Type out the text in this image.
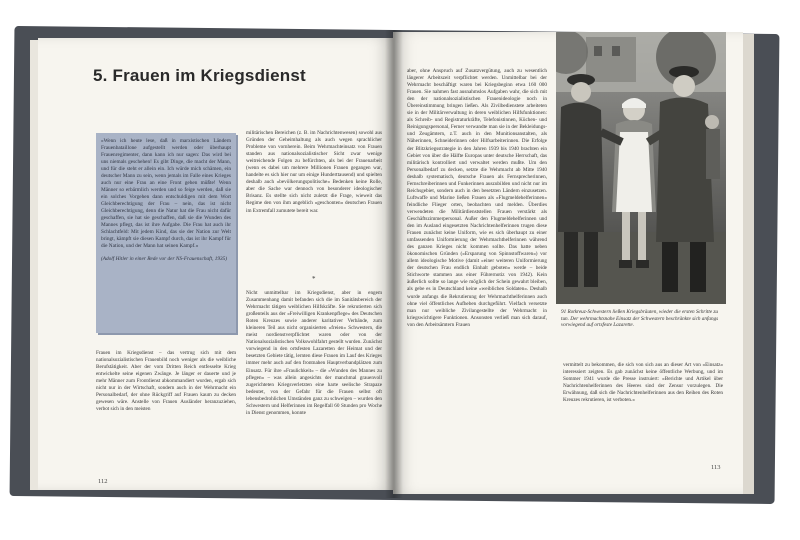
5. Frauen im Kriegsdienst

»Wenn ich heute lese, daß in marxistischen Ländern Frauenbataillone aufgestellt werden oder überhaupt Frauenregimenter, dann kann ich nur sagen: Das wird bei uns niemals geschehen! Es gibt Dinge, die macht der Mann, und für die steht er allein ein. Ich würde mich schämen, ein deutscher Mann zu sein, wenn jemals im Falle eines Krieges auch nur eine Frau an eine Front gehen müßte! Wenn Männer so erbärmlich werden und so feige werden, daß sie ein solches Vorgehen dann entschuldigen mit dem Wort Gleichberechtigung der Frau – nein, das ist nicht Gleichberechtigung, denn die Natur hat die Frau nicht dafür geschaffen, sie hat sie geschaffen, daß sie die Wunden des Mannes pflegt, das ist ihre Aufgabe. Die Frau hat auch ihr Schlachtfeld: Mit jedem Kind, das sie der Nation zur Welt bringt, kämpft sie diesen Kampf durch, das ist ihr Kampf für die Nation, und der Mann hat seinen Kampf.«

(Adolf Hitler in einer Rede vor der NS-Frauenschaft, 1935)

Frauen im Kriegsdienst – das vertrug sich mit dem nationalsozialistischen Frauenbild noch weniger als die weibliche Berufstätigkeit. Aber der vom Dritten Reich entfesselte Krieg entwickelte seine eigenen Zwänge. Je länger er dauerte und je mehr Männer zum Frontdienst abkommandiert wurden, ergab sich nicht nur in der Wirtschaft, sondern auch in der Wehrmacht ein Personalbedarf, der ohne Rückgriff auf Frauen kaum zu decken gewesen wäre. Anstelle von Frauen Ausländer heranzuziehen, verbot sich in den meisten

militärischen Bereichen (z. B. im Nachrichtenwesen) sowohl aus Gründen der Geheimhaltung als auch wegen sprachlicher Probleme von vornherein. Beim Wehrmachteinsatz von Frauen standen aus nationalsozialistischer Sicht zwar wenige weitreichende Folgen zu befürchten, als bei der Frauenarbeit (wenn es dabei um mehrere Millionen Frauen gegangen war, handelte es sich hier nur um einige Hunderttausend) und spielten deshalb auch »bevölkerungspolitische« Bedenken keine Rolle, aber die Sache war dennoch von besonderer ideologischer Brisanz. Es stellte sich nicht zuletzt die Frage, wieweit das Regime den von ihm angeblich »geschonten« deutschen Frauen im Extremfall zumutete bereit war.

*

Nicht unmittelbar im Kriegsdienst, aber in engem Zusammenhang damit befanden sich die im Sanitätsbereich der Wehrmacht tätigen weiblichen Hilfskräfte. Sie rekrutierten sich großenteils aus der »Freiwilligen Krankenpflege« des Deutschen Roten Kreuzes sowie anderer karitativer Verbände, zum kleineren Teil aus nicht organisierten »freien« Schwestern, die meist nordienstverpflichtet waren oder von der Nationalsozialistischen Volkswohlfahrt gestellt wurden. Zunächst vorwiegend in den ortsfesten Lazaretten der Heimat und der besetzten Gebiete tätig, lernten diese Frauen im Lauf des Krieges immer mehr auch auf den frontnahen Hauptverbandplätzen zum Einsatz. Für ihre »Fraulichkeit« – die »Wunden des Mannes zu pflegen« – was allein angesichts der manchmal grauenvoll zugerichteten Kriegsverletzten eine harte seelische Strapaze bedeutet, von der Gefahr für die Frauen selbst oft lebensbedrohlichen Umständen ganz zu schweigen – wurden den Schwestern und Helferinnen im Regelfall 60 Stunden pro Woche in Dienst genommen, konnte

112

aber, ohne Anspruch auf Zusatzvergütung, auch zu wesentlich längerer Arbeitszeit verpflichtet werden. Unmittelbar bei der Wehrmacht beschäftigt waren bei Kriegsbeginn etwa 160 000 Frauen. Sie nahmen fast ausnahmslos Aufgaben wahr, die sich mit den der nationalsozialistischen Frauenideologie noch in Übereinstimmung bringen ließen. Als Zivilbedienstete arbeiteten sie in der Militärverwaltung in deren weiblichen Hilfsfunktionen: als Schreib- und Registraturkräfte, Telefonistinnen, Küchen- und Reinigungspersonal, Ferner verwandte man sie in der Bekleidungs- und Zeugämtern, z.T. auch in den Munitionsanstalten, als Näherinnen, Schneiderinnen oder Hilfsarbeiterinnen. Die Erfolge der Blitzkriegsstrategie in den Jahren 1939 bis 1940 brachten ein Gebiet von über die Hälfte Europas unter deutsche Herrschaft, das militärisch kontrolliert und verwaltet werden mußte. Um den Personalbedarf zu decken, setzte die Wehrmacht ab Mitte 1940 deshalb systematisch, deutsche Frauen als Fernsprecherinnen, Fernschreiberinnen und Funkerinnen auszubilden und nicht nur im Reichsgebiet, sondern auch in den besetzten Ländern einzusetzen. Luftwaffe und Marine ließen Frauen als »Flugmeldehelferinnen« feindliche Flieger orten, beobachten und melden. Überdies verwendeten die Militärdienststellen Frauen verstärkt als Geschäftszimmerpersonal. Außer den Flugmeldehelferinnen und den im Ausland eingesetzten Nachrichtenhelferinnen trugen diese Frauen zunächst keine Uniform, wie es sich überhaupt zu einer umfassenden Uniformierung der Wehrmachthelferinnen während des ganzen Krieges nicht kommen sollte. Das hatte neben ökonomischen Gründen (»Ersparung von Spinnstoffwaren«) vor allem ideologische Motive (damit »einer weiteren Uniformierung der deutschen Frau endlich Einhalt geboten« werde – beide Stichworte stammen aus einer Führernotiz von 1942). Kein äußerlich sollte so lange wie möglich der Schein gewahrt bleiben, als gebe es in Deutschland keine »weiblichen Soldaten«. Deshalb wurde anfangs die Rekrutierung der Wehrmachthelferinnen auch ohne viel öffentliches Aufheben durchgeführt. Vielfach versetzte man nur weibliche Zivilangestellte der Wehrmacht in kriegswichtigere Funktionen. Ansonsten verließ man sich darauf, von den Arbeitsämtern Frauen

91 Rotkreuz-Schwestern ließen Kriegsbräuten, wieder die ersten Schritte zu tun. Der wehrmachtsnahe Einsatz der Schwestern beschränkte sich anfangs vorwiegend auf ortsfeste Lazarette.

vermittelt zu bekommen, die sich von sich aus an dieser Art von »Einsatz« interessiert zeigten. Es gab zunächst keine öffentliche Werbung, und im Sommer 1941 wurde die Presse instruiert: »Berichte und Artikel über Nachrichtenhelferinnen des Heeres sind der Zensur vorzulegen. Die Erwähnung, daß sich die Nachrichtenhelferinnen aus den Reihen des Roten Kreuzes rekrutieren, ist verboten.«

113
